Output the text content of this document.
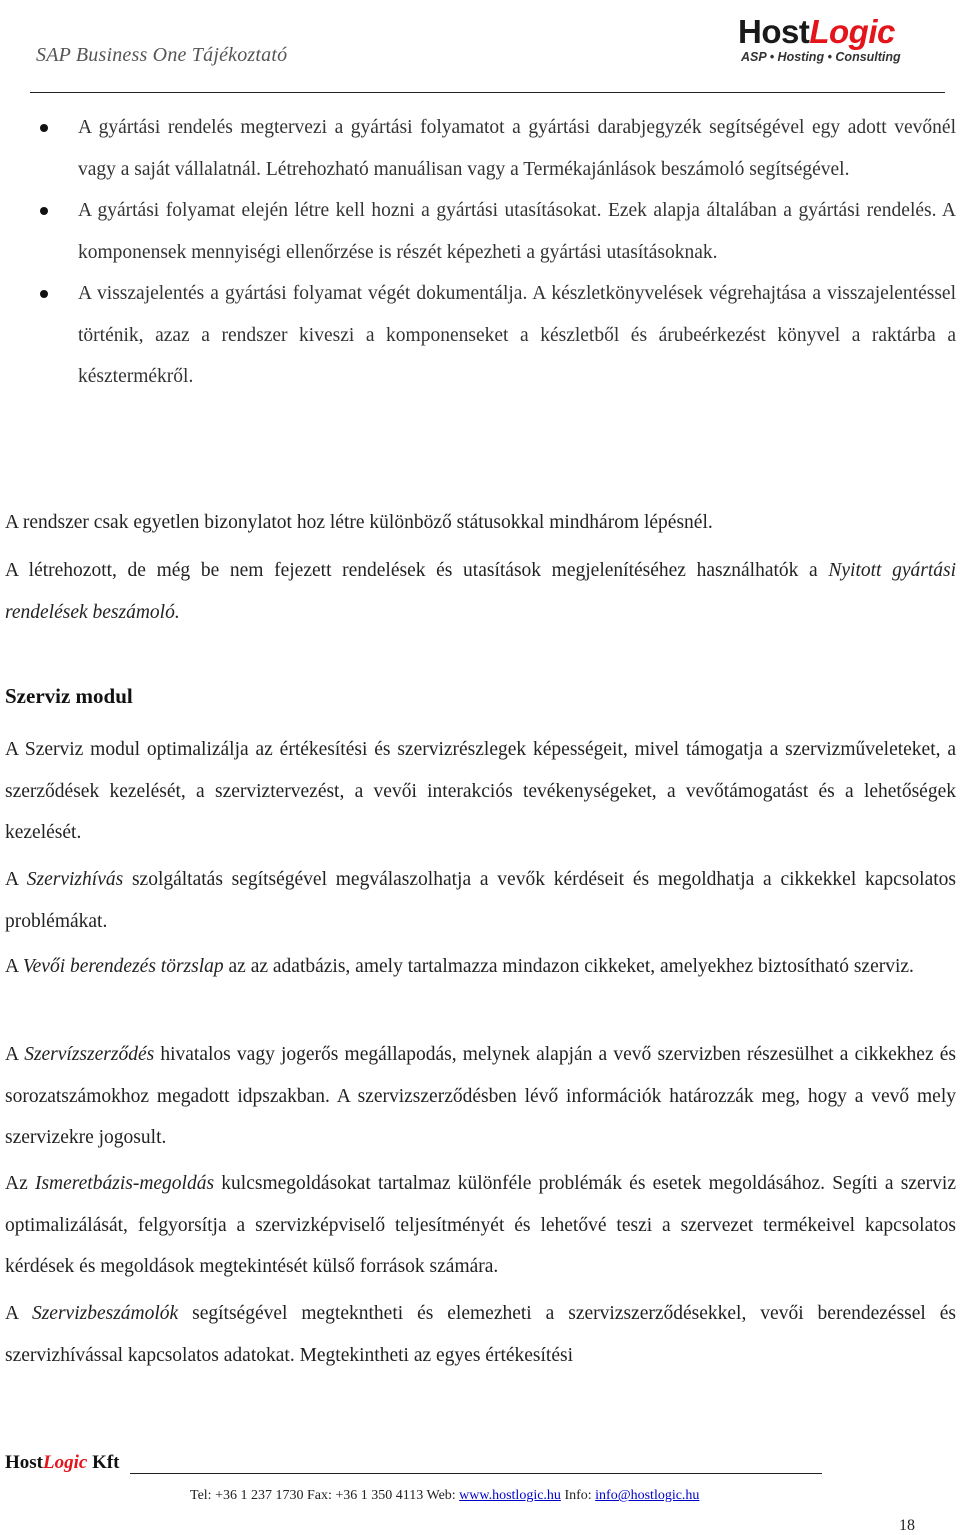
SAP Business One Tájékoztató
HostLogic
ASP • Hosting • Consulting
A gyártási rendelés megtervezi a gyártási folyamatot a gyártási darabjegyzék segítségével egy adott vevőnél vagy a saját vállalatnál. Létrehozható manuálisan vagy a Termékajánlások beszámoló segítségével.
A gyártási folyamat elején létre kell hozni a gyártási utasításokat. Ezek alapja általában a gyártási rendelés. A komponensek mennyiségi ellenőrzése is részét képezheti a gyártási utasításoknak.
A visszajelentés a gyártási folyamat végét dokumentálja. A készletkönyvelések végrehajtása a visszajelentéssel történik, azaz a rendszer kiveszi a komponenseket a készletből és árubeérkezést könyvel a raktárba a késztermékről.
A rendszer csak egyetlen bizonylatot hoz létre különböző státusokkal mindhárom lépésnél.
A létrehozott, de még be nem fejezett rendelések és utasítások megjelenítéséhez használhatók a Nyitott gyártási rendelések beszámoló.
Szerviz modul
A Szerviz modul optimalizálja az értékesítési és szervizrészlegek képességeit, mivel támogatja a szervizműveleteket, a szerződések kezelését, a szerviztervezést, a vevői interakciós tevékenységeket, a vevőtámogatást és a lehetőségek kezelését.
A Szervizhívás szolgáltatás segítségével megválaszolhatja a vevők kérdéseit és megoldhatja a cikkekkel kapcsolatos problémákat.
A Vevői berendezés törzslap az az adatbázis, amely tartalmazza mindazon cikkeket, amelyekhez biztosítható szerviz.
A Szervízszerződés hivatalos vagy jogerős megállapodás, melynek alapján a vevő szervizben részesülhet a cikkekhez és sorozatszámokhoz megadott idpszakban. A szervizszerződésben lévő információk határozzák meg, hogy a vevő mely szervizekre jogosult.
Az Ismeretbázis-megoldás kulcsmegoldásokat tartalmaz különféle problémák és esetek megoldásához. Segíti a szerviz optimalizálását, felgyorsítja a szervizképviselő teljesítményét és lehetővé teszi a szervezet termékeivel kapcsolatos kérdések és megoldások megtekintését külső források számára.
A Szervizbeszámolók segítségével megteknthet​i és elemezheti a szervizszerződésekkel, vevői berendezéssel és szervizhívással kapcsolatos adatokat. Megtekintheti az egyes értékesítési
HostLogic Kft
Tel: +36 1 237 1730 Fax: +36 1 350 4113 Web: www.hostlogic.hu Info: info@hostlogic.hu
18
